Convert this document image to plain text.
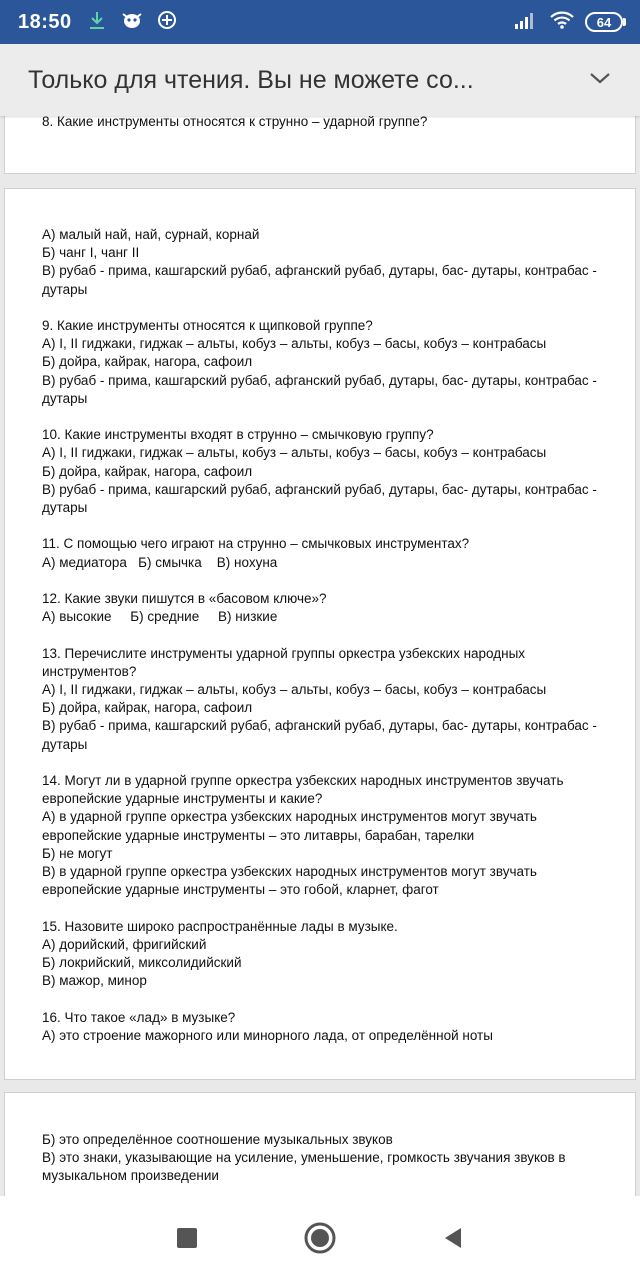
18:50	64
Только для чтения. Вы не можете со...

8. Какие инструменты относятся к струнно – ударной группе?

А) малый най, най, сурнай, корнай

Б) чанг I, чанг II

В) рубаб - прима, кашгарский рубаб, афганский рубаб, дутары, бас- дутары, контрабас - дутары

9. Какие инструменты относятся к щипковой группе?

А) I, II гиджаки, гиджак – альты, кобуз – альты, кобуз – басы, кобуз – контрабасы

Б) дойра, кайрак, нагора, сафоил

В) рубаб - прима, кашгарский рубаб, афганский рубаб, дутары, бас- дутары, контрабас - дутары

10. Какие инструменты входят в струнно – смычковую группу?

А) I, II гиджаки, гиджак – альты, кобуз – альты, кобуз – басы, кобуз – контрабасы

Б) дойра, кайрак, нагора, сафоил

В) рубаб - прима, кашгарский рубаб, афганский рубаб, дутары, бас- дутары, контрабас - дутары

11. С помощью чего играют на струнно – смычковых инструментах?

А) медиатора   Б) смычка    В) нохуна

12. Какие звуки пишутся в «басовом ключе»?

А) высокие     Б) средние     В) низкие

13. Перечислите инструменты ударной группы оркестра узбекских народных инструментов?

А) I, II гиджаки, гиджак – альты, кобуз – альты, кобуз – басы, кобуз – контрабасы

Б) дойра, кайрак, нагора, сафоил

В) рубаб - прима, кашгарский рубаб, афганский рубаб, дутары, бас- дутары, контрабас - дутары

14. Могут ли в ударной группе оркестра узбекских народных инструментов звучать европейские ударные инструменты и какие?

А) в ударной группе оркестра узбекских народных инструментов могут звучать европейские ударные инструменты – это литавры, барабан, тарелки

Б) не могут

В) в ударной группе оркестра узбекских народных инструментов могут звучать европейские ударные инструменты – это гобой, кларнет, фагот

15. Назовите широко распространённые лады в музыке.

А) дорийский, фригийский

Б) локрийский, миксолидийский

В) мажор, минор

16. Что такое «лад» в музыке?

А) это строение мажорного или минорного лада, от определённой ноты

Б) это определённое соотношение музыкальных звуков

В) это знаки, указывающие на усиление, уменьшение, громкость звучания звуков в музыкальном произведении
